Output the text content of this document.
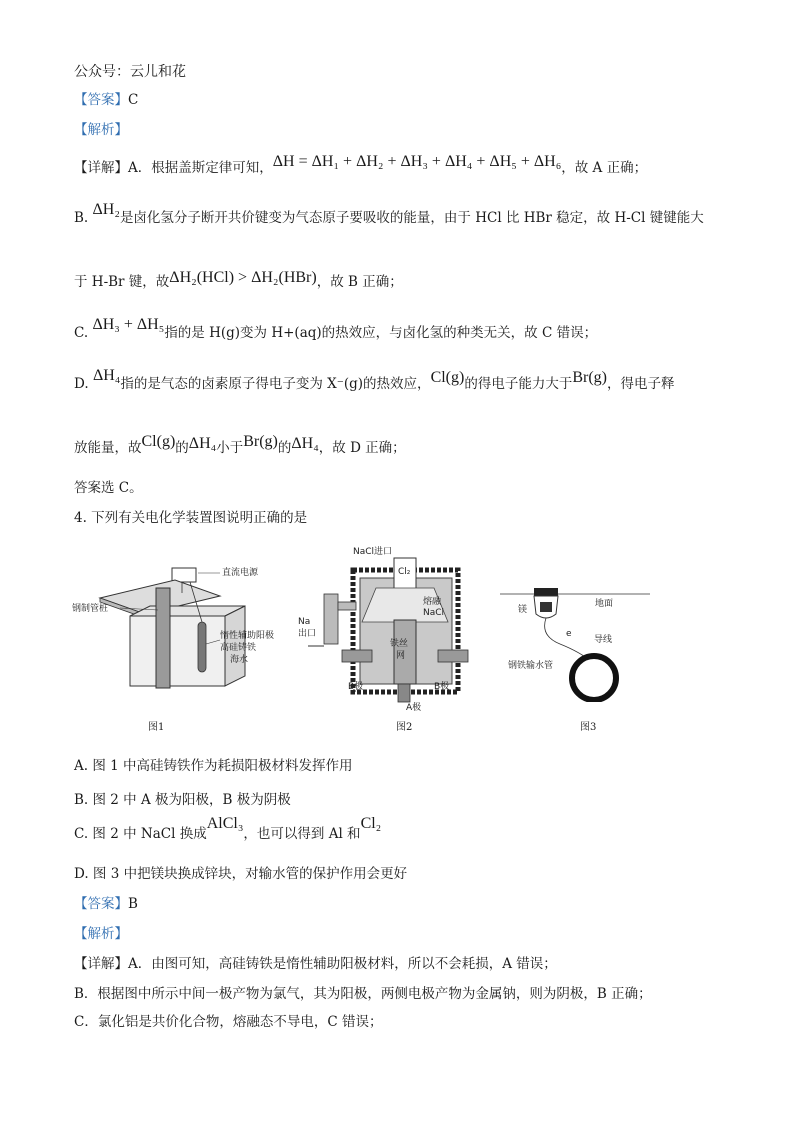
公众号：云儿和花
【答案】C
【解析】
【详解】A．根据盖斯定律可知，ΔH = ΔH₁ + ΔH₂ + ΔH₃ + ΔH₄ + ΔH₅ + ΔH₆，故 A 正确；
B. ΔH₂是卤化氢分子断开共价键变为气态原子要吸收的能量，由于 HCl 比 HBr 稳定，故 H-Cl 键键能大
于 H-Br 键，故ΔH₂(HCl) > ΔH₂(HBr)，故 B 正确；
C. ΔH₃ + ΔH₅指的是 H(g)变为 H+(aq)的热效应，与卤化氢的种类无关，故 C 错误；
D. ΔH₄指的是气态的卤素原子得电子变为 X⁻(g)的热效应，Cl(g)的得电子能力大于Br(g)，得电子释
放能量，故Cl(g)的ΔH₄小于Br(g)的ΔH₄，故 D 正确；
答案选 C。
4. 下列有关电化学装置图说明正确的是
直流电源
钢制管桩
惰性辅助阳极
高硅铸铁
海水
图1
NaCl进口
Cl₂
熔融
NaCl
铁丝
网
A极
B极	B极
Na
出口
图2
地面
镁
e
导线
钢铁输水管
图3
A. 图 1 中高硅铸铁作为耗损阳极材料发挥作用
B. 图 2 中 A 极为阳极，B 极为阴极
C. 图 2 中 NaCl 换成AlCl₃，也可以得到 Al 和Cl₂
D. 图 3 中把镁块换成锌块，对输水管的保护作用会更好
【答案】B
【解析】
【详解】A．由图可知，高硅铸铁是惰性辅助阳极材料，所以不会耗损，A 错误；
B．根据图中所示中间一极产物为氯气，其为阳极，两侧电极产物为金属钠，则为阴极，B 正确；
C．氯化铝是共价化合物，熔融态不导电，C 错误；
